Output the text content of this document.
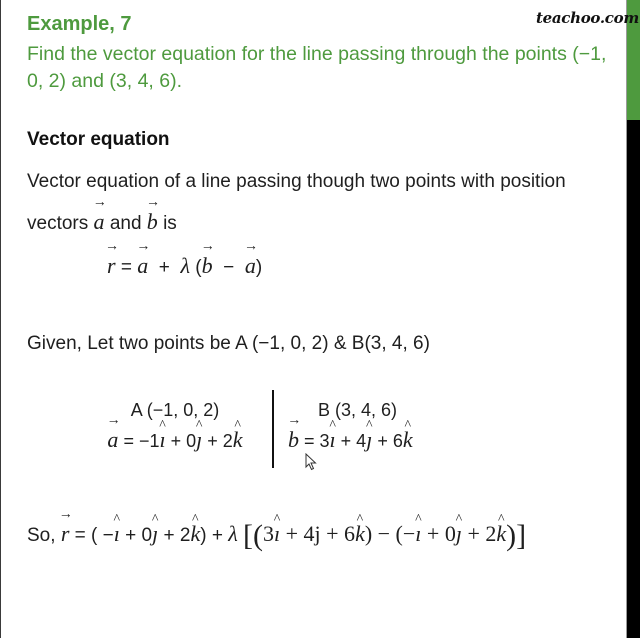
teachoo.com
Example, 7
Find the vector equation for the line passing through the points (−1, 0, 2) and (3, 4, 6).
Vector equation
Vector equation of a line passing though two points with position
vectors → a and → b is
→ r = → a + λ (→ b − → a)
Given, Let two points be A (−1, 0, 2) & B(3, 4, 6)
A (−1, 0, 2)
→ a = −1^ ı + 0^ ȷ + 2^ k
B (3, 4, 6)
→ b = 3^ ı + 4^ ȷ + 6^ k
So, → r = ( −^ ı + 0^ ȷ + 2^ k) + λ [(3^ ı + 4j + 6^ k) − (−^ ı + 0^ ȷ + 2^ k)]
